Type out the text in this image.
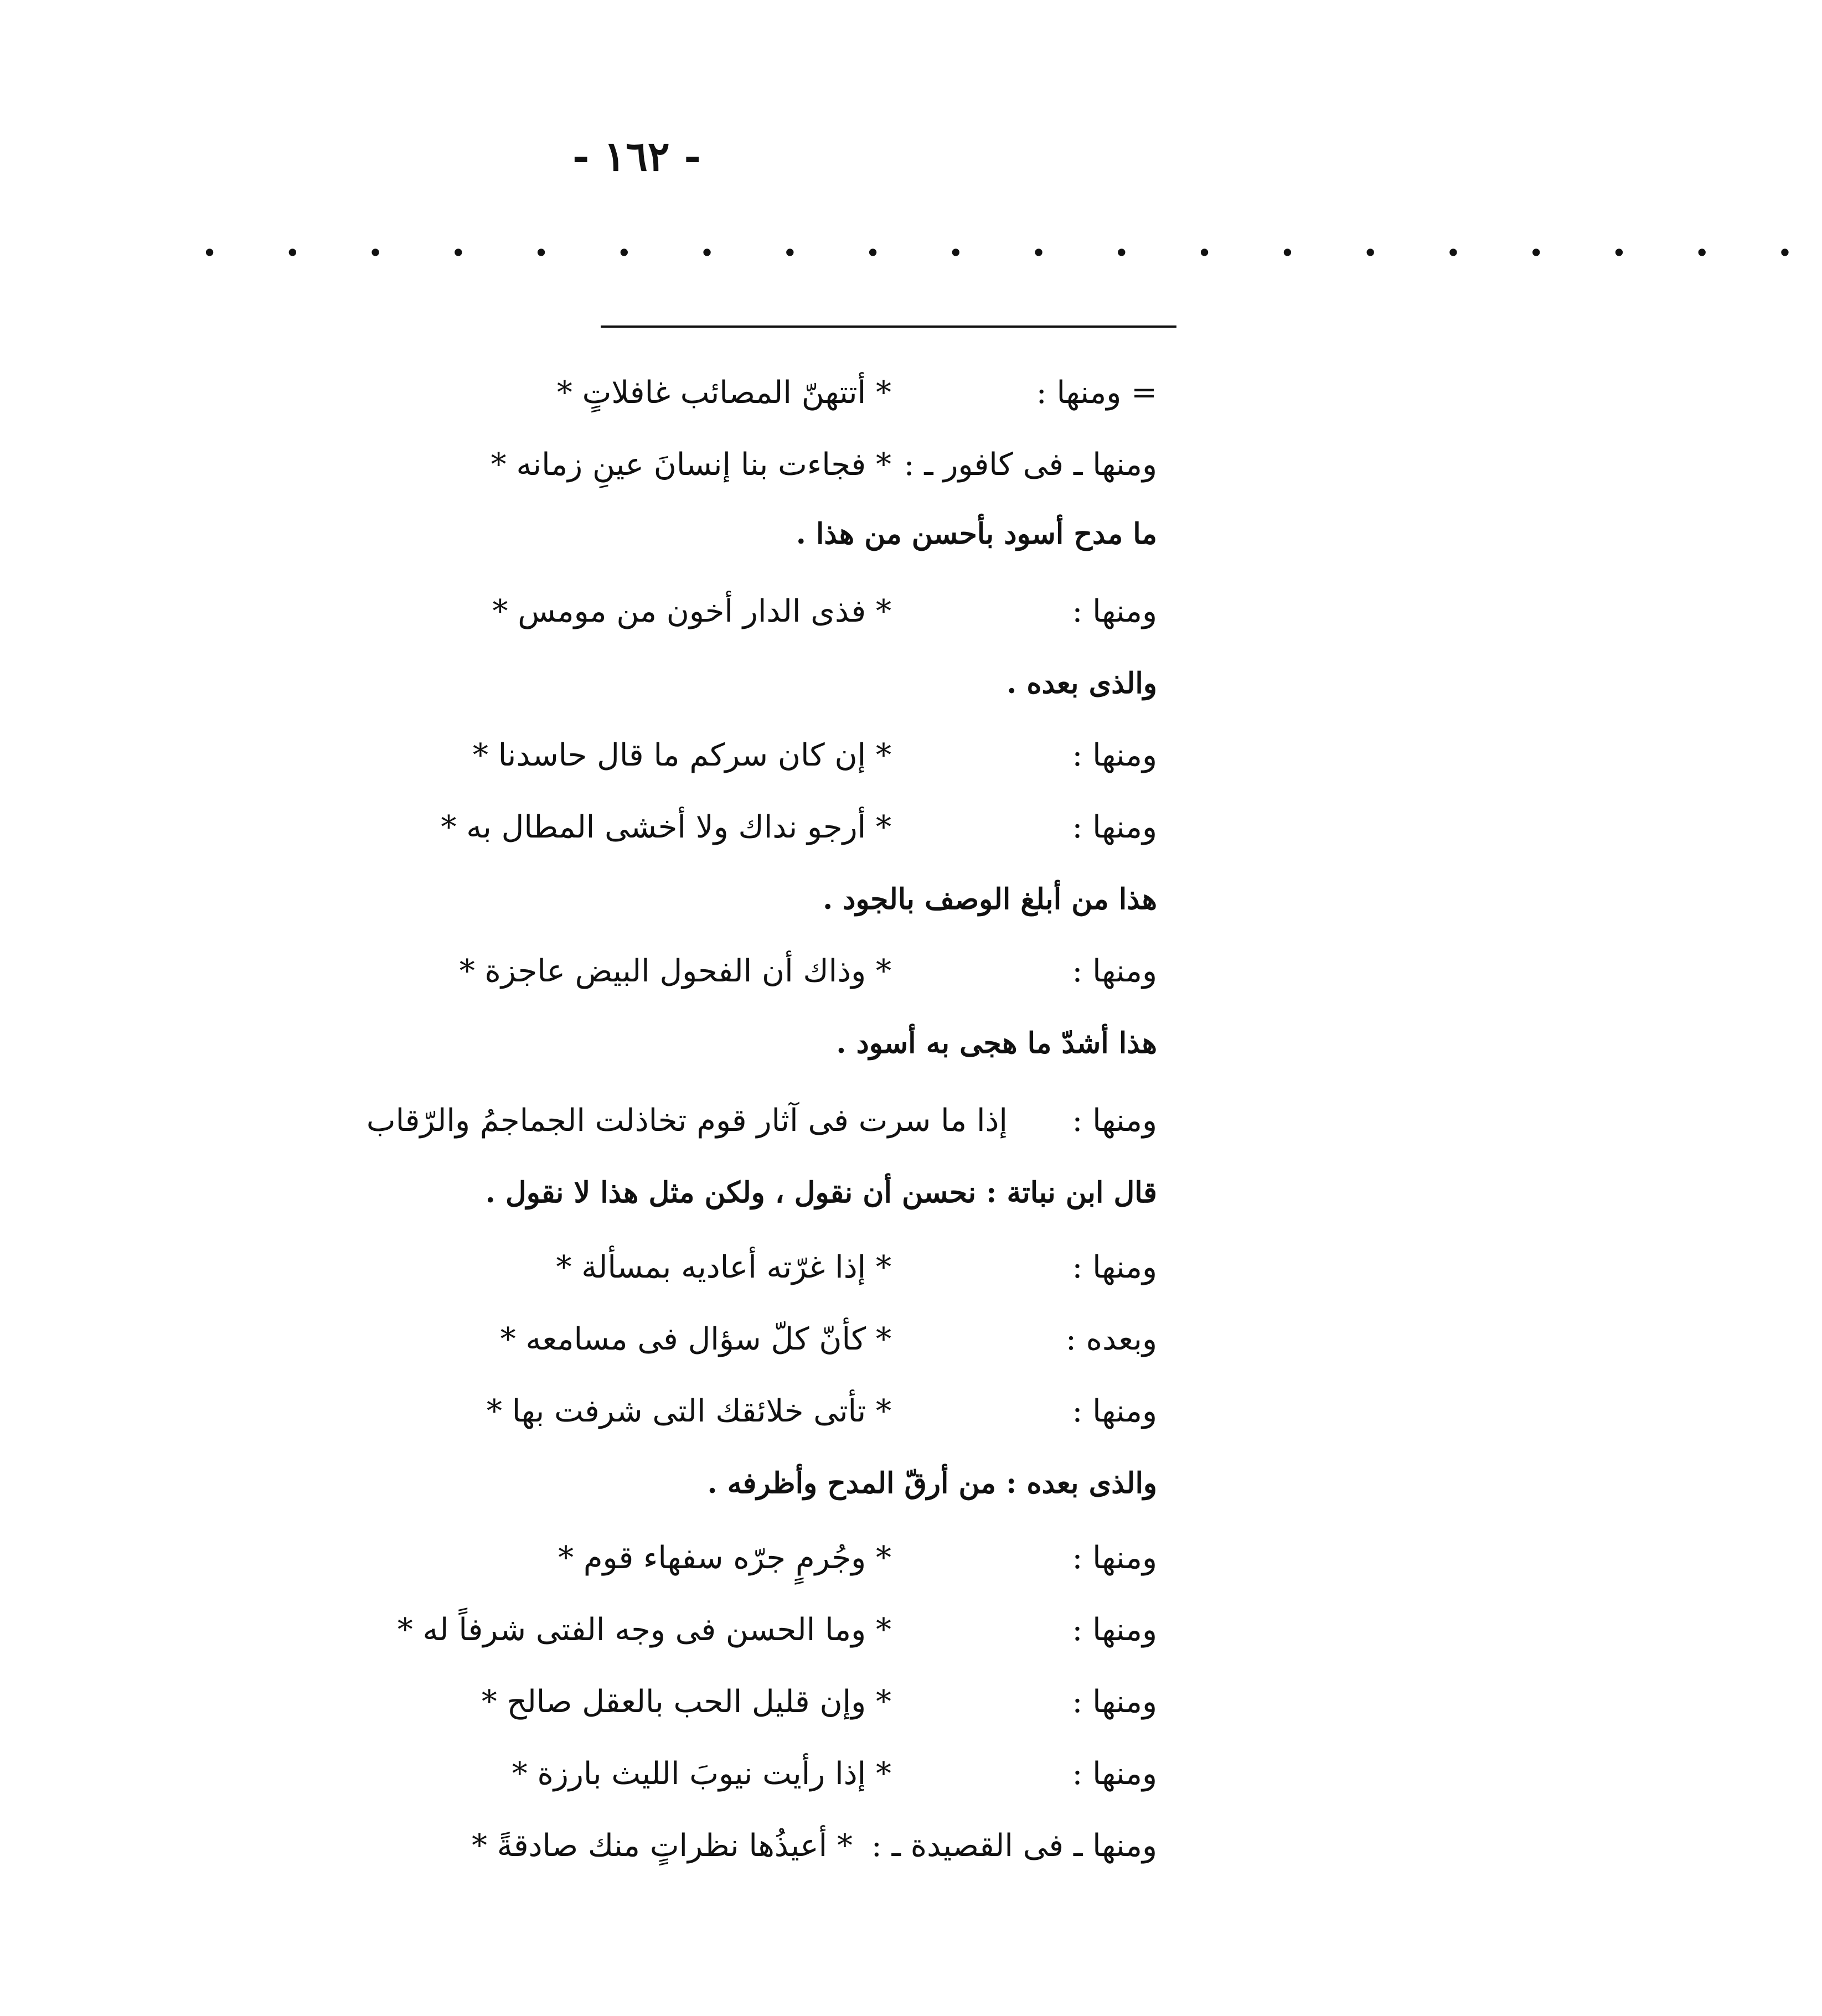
- ١٦٢ -
• • • • • • • • • • • • • • • • • • • •
= ومنها :
* أتتهنّ المصائب غافلاتٍ *
ومنها ـ فى كافور ـ :
* فجاءت بنا إنسانَ عينِ زمانه *
ما مدح أسود بأحسن من هذا .
ومنها :
* فذى الدار أخون من مومس *
والذى بعده .
ومنها :
* إن كان سركم ما قال حاسدنا *
ومنها :
* أرجو نداك ولا أخشى المطال به *
هذا من أبلغ الوصف بالجود .
ومنها :
* وذاك أن الفحول البيض عاجزة *
هذا أشدّ ما هجى به أسود .
ومنها :
إذا ما سرت فى آثار قوم تخاذلت الجماجمُ والرّقاب
قال ابن نباتة : نحسن أن نقول ، ولكن مثل هذا لا نقول .
ومنها :
* إذا غرّته أعاديه بمسألة *
وبعده :
* كأنّ كلّ سؤال فى مسامعه *
ومنها :
* تأتى خلائقك التى شرفت بها *
والذى بعده : من أرقّ المدح وأظرفه .
ومنها :
* وجُرمٍ جرّه سفهاء قوم *
ومنها :
* وما الحسن فى وجه الفتى شرفاً له *
ومنها :
* وإن قليل الحب بالعقل صالح *
ومنها :
* إذا رأيت نيوبَ الليث بارزة *
ومنها ـ فى القصيدة ـ :
* أعيذُها نظراتٍ منك صادقةً *
